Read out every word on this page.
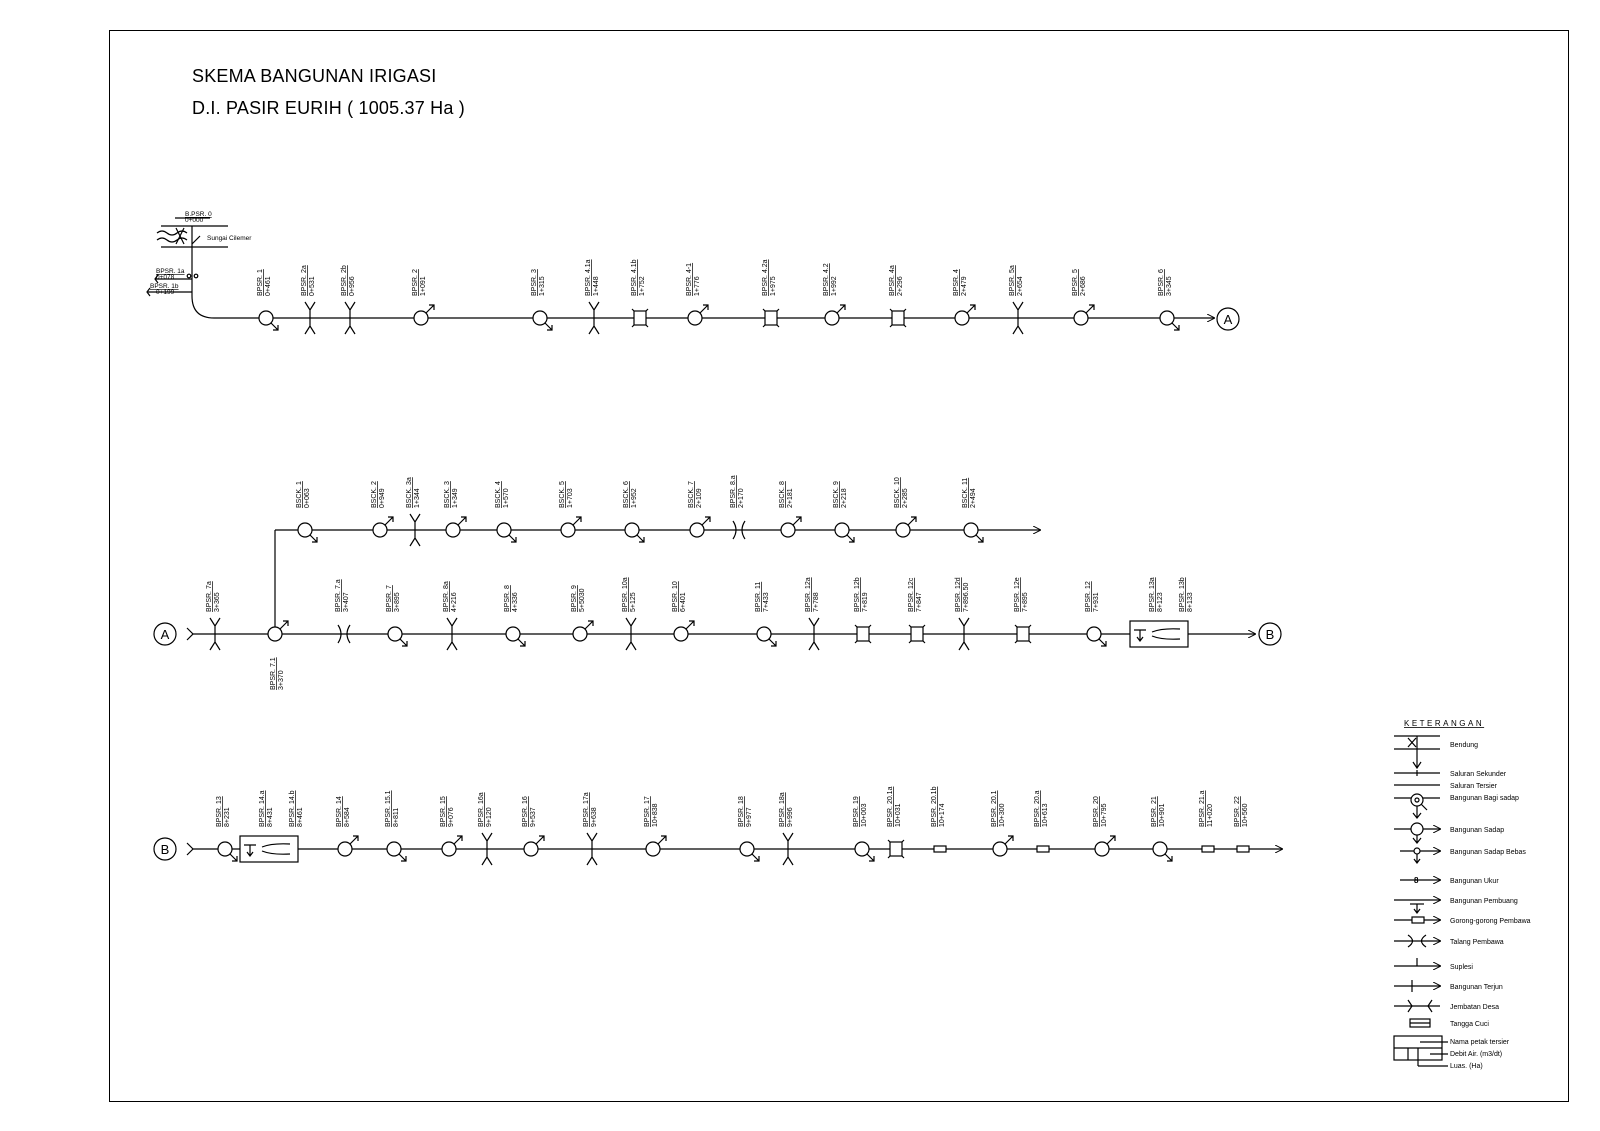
SKEMA BANGUNAN IRIGASI
D.I. PASIR EURIH ( 1005.37 Ha )
B.PSR. 0
0+000
Sungai Cilemer
BPSR. 1a
0+078
BPSR. 1b
0+199
A
A	B
B
BPSR. 7.1 3+370
BPSR. 1 0+461	BPSR. 2a 0+531	BPSR. 2b 0+956	BPSR. 2 1+091	BPSR. 3 1+315	BPSR. 4.1a 1+448	BPSR. 4.1b 1+752	BPSR. 4-1 1+776	BPSR. 4.2a 1+975	BPSR. 4.2 1+992	BPSR. 4a 2+296	BPSR. 4 2+479	BPSR. 5a 2+654	BPSR. 5 2+686	BPSR. 6 3+345
BSCK. 1 0+063	BSCK. 2 0+949	BSCK. 3a 1+344	BSCK. 3 1+349	BSCK. 4 1+570	BSCK. 5 1+703	BSCK. 6 1+952	BSCK. 7 2+109	BPSR. 8.a 2+170	BSCK. 8 2+181	BSCK. 9 2+218	BSCK. 10 2+285	BSCK. 11 2+494
BPSR. 7a 3+365	BPSR. 7.a 3+407	BPSR. 7 3+895	BPSR. 8a 4+216	BPSR. 8 4+336	BPSR. 9 5+5030	BPSR. 10a 5+125	BPSR. 10 6+401	BPSR. 11 7+433	BPSR. 12a 7+788	BPSR. 12b 7+819	BPSR. 12c 7+847	BPSR. 12d 7+896.50	BPSR. 12e 7+895	BPSR. 12 7+931	BPSR. 13a 8+123 BPSR. 13b 8+133
BPSR. 13 8+231	BPSR. 14.a 8+431 BPSR. 14.b 8+461	BPSR. 14 8+584	BPSR. 15.1 8+811	BPSR. 15 9+076	BPSR. 16a 9+120	BPSR. 16 9+537	BPSR. 17a 9+638	BPSR. 17 10+838	BPSR. 18 9+977	BPSR. 18a 9+996	BPSR. 19 10+003	BPSR. 20.1a 10+031	BPSR. 20.1b 10+174	BPSR. 20.1 10+300	BPSR. 20.a 10+613	BPSR. 20 10+795	BPSR. 21 10+901	BPSR. 21.a 11+020	BPSR. 22 10+560
KETERANGAN
Bendung
Saluran Sekunder
Saluran Tersier
Bangunan Bagi sadap
Bangunan Sadap
Bangunan Sadap Bebas
8	Bangunan Ukur
Bangunan Pembuang
Gorong-gorong Pembawa
Talang Pembawa
Suplesi
Bangunan Terjun
Jembatan Desa
Tangga Cuci
Nama petak tersier
Debit Air. (m3/dt)
Luas. (Ha)
